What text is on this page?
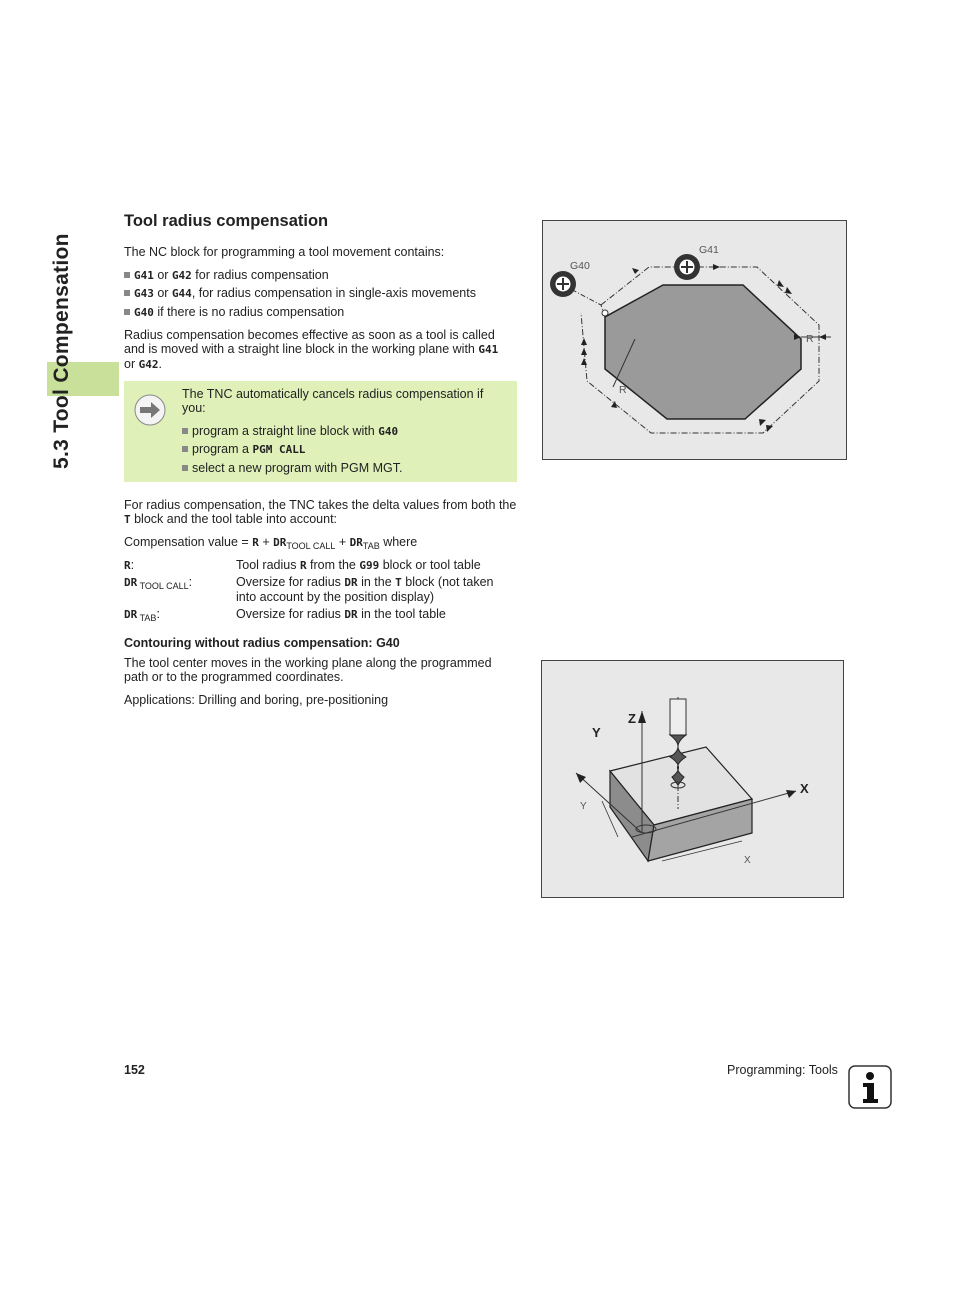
5.3 Tool Compensation
Tool radius compensation
The NC block for programming a tool movement contains:
G41 or G42 for radius compensation
G43 or G44, for radius compensation in single-axis movements
G40 if there is no radius compensation
Radius compensation becomes effective as soon as a tool is called
and is moved with a straight line block in the working plane with G41
or G42.
The TNC automatically cancels radius compensation if
you:
program a straight line block with G40
program a PGM CALL
select a new program with PGM MGT.
For radius compensation, the TNC takes the delta values from both the
T block and the tool table into account:
Compensation value = $R + DR_{TOOL CALL} + DR_{TAB}$ where
R:	Tool radius R from the G99 block or tool table
DR $_{TOOL CALL}$:	Oversize for radius DR in the T block (not taken
into account by the position display)
DR $_{TAB}$:	Oversize for radius DR in the tool table
Contouring without radius compensation: G40
The tool center moves in the working plane along the programmed
path or to the programmed coordinates.
Applications: Drilling and boring, pre-positioning
G40
G41
R
R
Z
Y
X
Y
X
152	Programming: Tools
